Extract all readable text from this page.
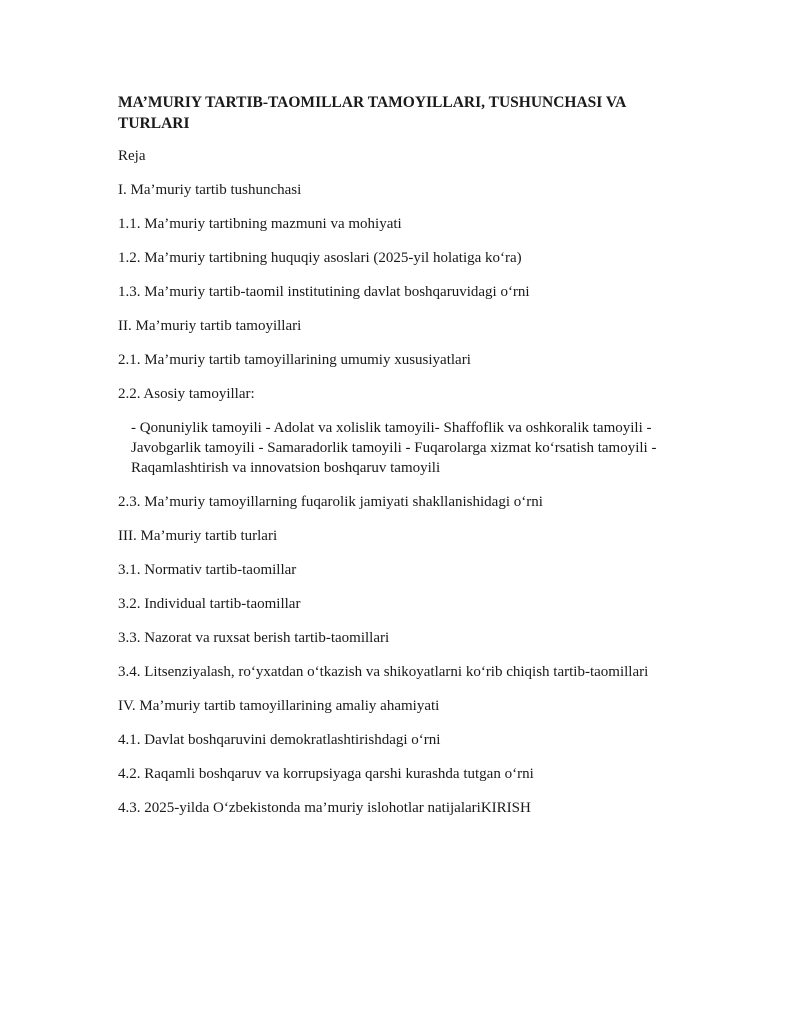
MA’MURIY TARTIB-TAOMILLAR TAMOYILLARI, TUSHUNCHASI VA TURLARI
Reja
I. Ma’muriy tartib tushunchasi
1.1. Ma’muriy tartibning mazmuni va mohiyati
1.2. Ma’muriy tartibning huquqiy asoslari (2025-yil holatiga ko‘ra)
1.3. Ma’muriy tartib-taomil institutining davlat boshqaruvidagi o‘rni
II. Ma’muriy tartib tamoyillari
2.1. Ma’muriy tartib tamoyillarining umumiy xususiyatlari
2.2. Asosiy tamoyillar:
- Qonuniylik tamoyili - Adolat va xolislik tamoyili- Shaffoflik va oshkoralik tamoyili - Javobgarlik tamoyili - Samaradorlik tamoyili - Fuqarolarga xizmat ko‘rsatish tamoyili - Raqamlashtirish va innovatsion boshqaruv tamoyili
2.3. Ma’muriy tamoyillarning fuqarolik jamiyati shakllanishidagi o‘rni
III. Ma’muriy tartib turlari
3.1. Normativ tartib-taomillar
3.2. Individual tartib-taomillar
3.3. Nazorat va ruxsat berish tartib-taomillari
3.4. Litsenziyalash, ro‘yxatdan o‘tkazish va shikoyatlarni ko‘rib chiqish tartib-taomillari
IV. Ma’muriy tartib tamoyillarining amaliy ahamiyati
4.1. Davlat boshqaruvini demokratlashtirishdagi o‘rni
4.2. Raqamli boshqaruv va korrupsiyaga qarshi kurashda tutgan o‘rni
4.3. 2025-yilda O‘zbekistonda ma’muriy islohotlar natijalariKIRISH
